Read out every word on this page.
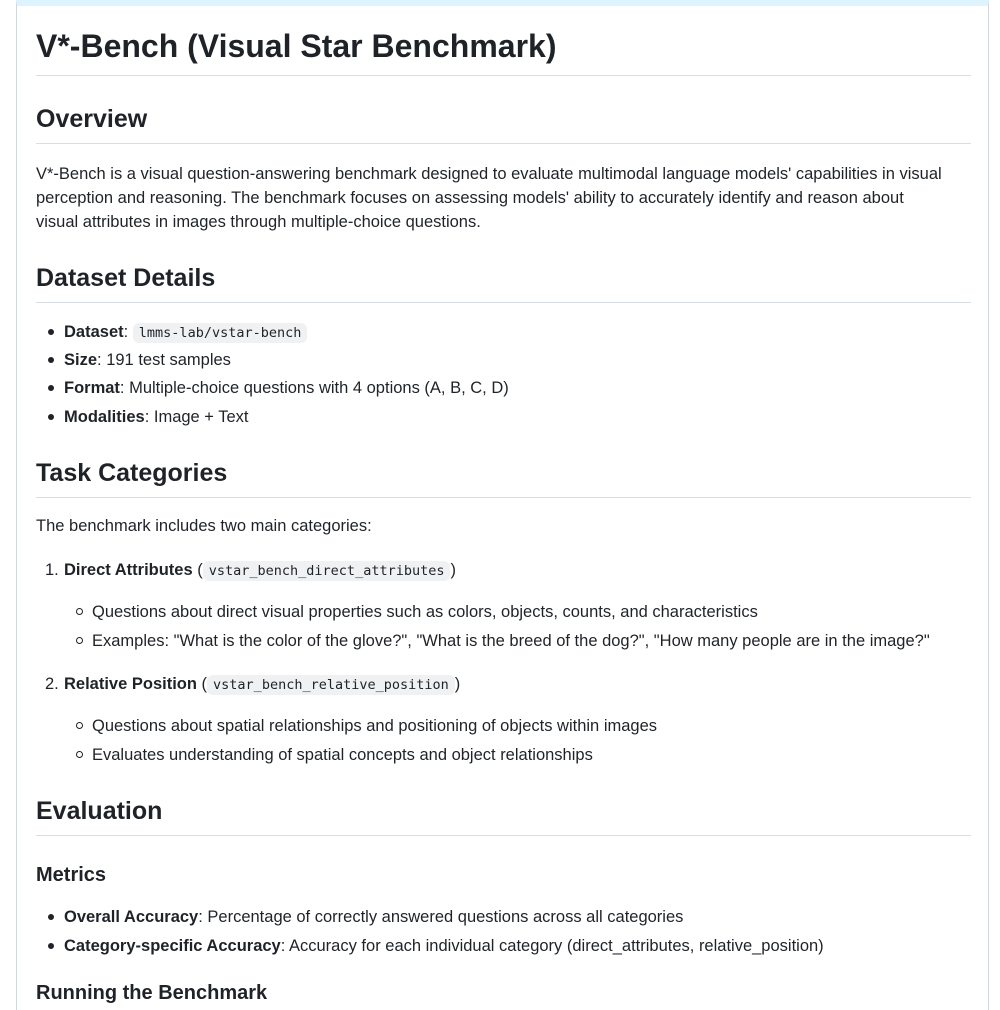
V*-Bench (Visual Star Benchmark)
Overview

V*-Bench is a visual question-answering benchmark designed to evaluate multimodal language models' capabilities in visual

perception and reasoning. The benchmark focuses on assessing models' ability to accurately identify and reason about

visual attributes in images through multiple-choice questions.

Dataset Details
Dataset: lmms-lab/vstar-bench
Size: 191 test samples
Format: Multiple-choice questions with 4 options (A, B, C, D)
Modalities: Image + Text
Task Categories

The benchmark includes two main categories:

1. Direct Attributes ( vstar_bench_direct_attributes )
Questions about direct visual properties such as colors, objects, counts, and characteristics
Examples: "What is the color of the glove?", "What is the breed of the dog?", "How many people are in the image?"
2. Relative Position ( vstar_bench_relative_position )
Questions about spatial relationships and positioning of objects within images
Evaluates understanding of spatial concepts and object relationships
Evaluation
Metrics
Overall Accuracy: Percentage of correctly answered questions across all categories
Category-specific Accuracy: Accuracy for each individual category (direct_attributes, relative_position)
Running the Benchmark
